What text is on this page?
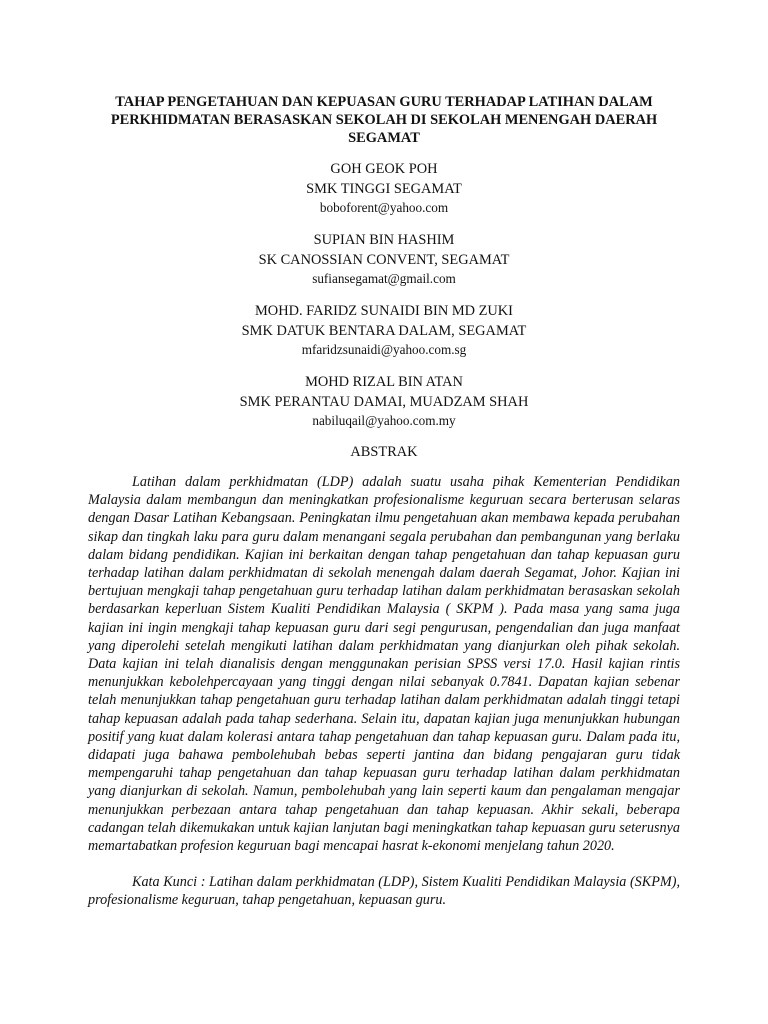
TAHAP PENGETAHUAN DAN KEPUASAN GURU TERHADAP LATIHAN DALAM
PERKHIDMATAN BERASASKAN SEKOLAH DI SEKOLAH MENENGAH DAERAH
SEGAMAT
GOH GEOK POH
SMK TINGGI SEGAMAT
boboforent@yahoo.com
SUPIAN BIN HASHIM
SK CANOSSIAN CONVENT, SEGAMAT
sufiansegamat@gmail.com
MOHD. FARIDZ SUNAIDI BIN MD ZUKI
SMK DATUK BENTARA DALAM, SEGAMAT
mfaridzsunaidi@yahoo.com.sg
MOHD RIZAL BIN ATAN
SMK PERANTAU DAMAI, MUADZAM SHAH
nabiluqail@yahoo.com.my
ABSTRAK

Latihan dalam perkhidmatan (LDP) adalah suatu usaha pihak Kementerian Pendidikan Malaysia dalam membangun dan meningkatkan profesionalisme keguruan secara berterusan selaras dengan Dasar Latihan Kebangsaan. Peningkatan ilmu pengetahuan akan membawa kepada perubahan sikap dan tingkah laku para guru dalam menangani segala perubahan dan pembangunan yang berlaku dalam bidang pendidikan. Kajian ini berkaitan dengan tahap pengetahuan dan tahap kepuasan guru terhadap latihan dalam perkhidmatan di sekolah menengah dalam daerah Segamat, Johor. Kajian ini bertujuan mengkaji tahap pengetahuan guru terhadap latihan dalam perkhidmatan berasaskan sekolah berdasarkan keperluan Sistem Kualiti Pendidikan Malaysia ( SKPM ). Pada masa yang sama juga kajian ini ingin mengkaji tahap kepuasan guru dari segi pengurusan, pengendalian dan juga manfaat yang diperolehi setelah mengikuti latihan dalam perkhidmatan yang dianjurkan oleh pihak sekolah. Data kajian ini telah dianalisis dengan menggunakan perisian SPSS versi 17.0. Hasil kajian rintis menunjukkan kebolehpercayaan yang tinggi dengan nilai sebanyak 0.7841. Dapatan kajian sebenar telah menunjukkan tahap pengetahuan guru terhadap latihan dalam perkhidmatan adalah tinggi tetapi tahap kepuasan adalah pada tahap sederhana. Selain itu, dapatan kajian juga menunjukkan hubungan positif yang kuat dalam kolerasi antara tahap pengetahuan dan tahap kepuasan guru. Dalam pada itu, didapati juga bahawa pembolehubah bebas seperti jantina dan bidang pengajaran guru tidak mempengaruhi tahap pengetahuan dan tahap kepuasan guru terhadap latihan dalam perkhidmatan yang dianjurkan di sekolah. Namun, pembolehubah yang lain seperti kaum dan pengalaman mengajar menunjukkan perbezaan antara tahap pengetahuan dan tahap kepuasan. Akhir sekali, beberapa cadangan telah dikemukakan untuk kajian lanjutan bagi meningkatkan tahap kepuasan guru seterusnya memartabatkan profesion keguruan bagi mencapai hasrat k-ekonomi menjelang tahun 2020.

Kata Kunci : Latihan dalam perkhidmatan (LDP), Sistem Kualiti Pendidikan Malaysia (SKPM), profesionalisme keguruan, tahap pengetahuan, kepuasan guru.
